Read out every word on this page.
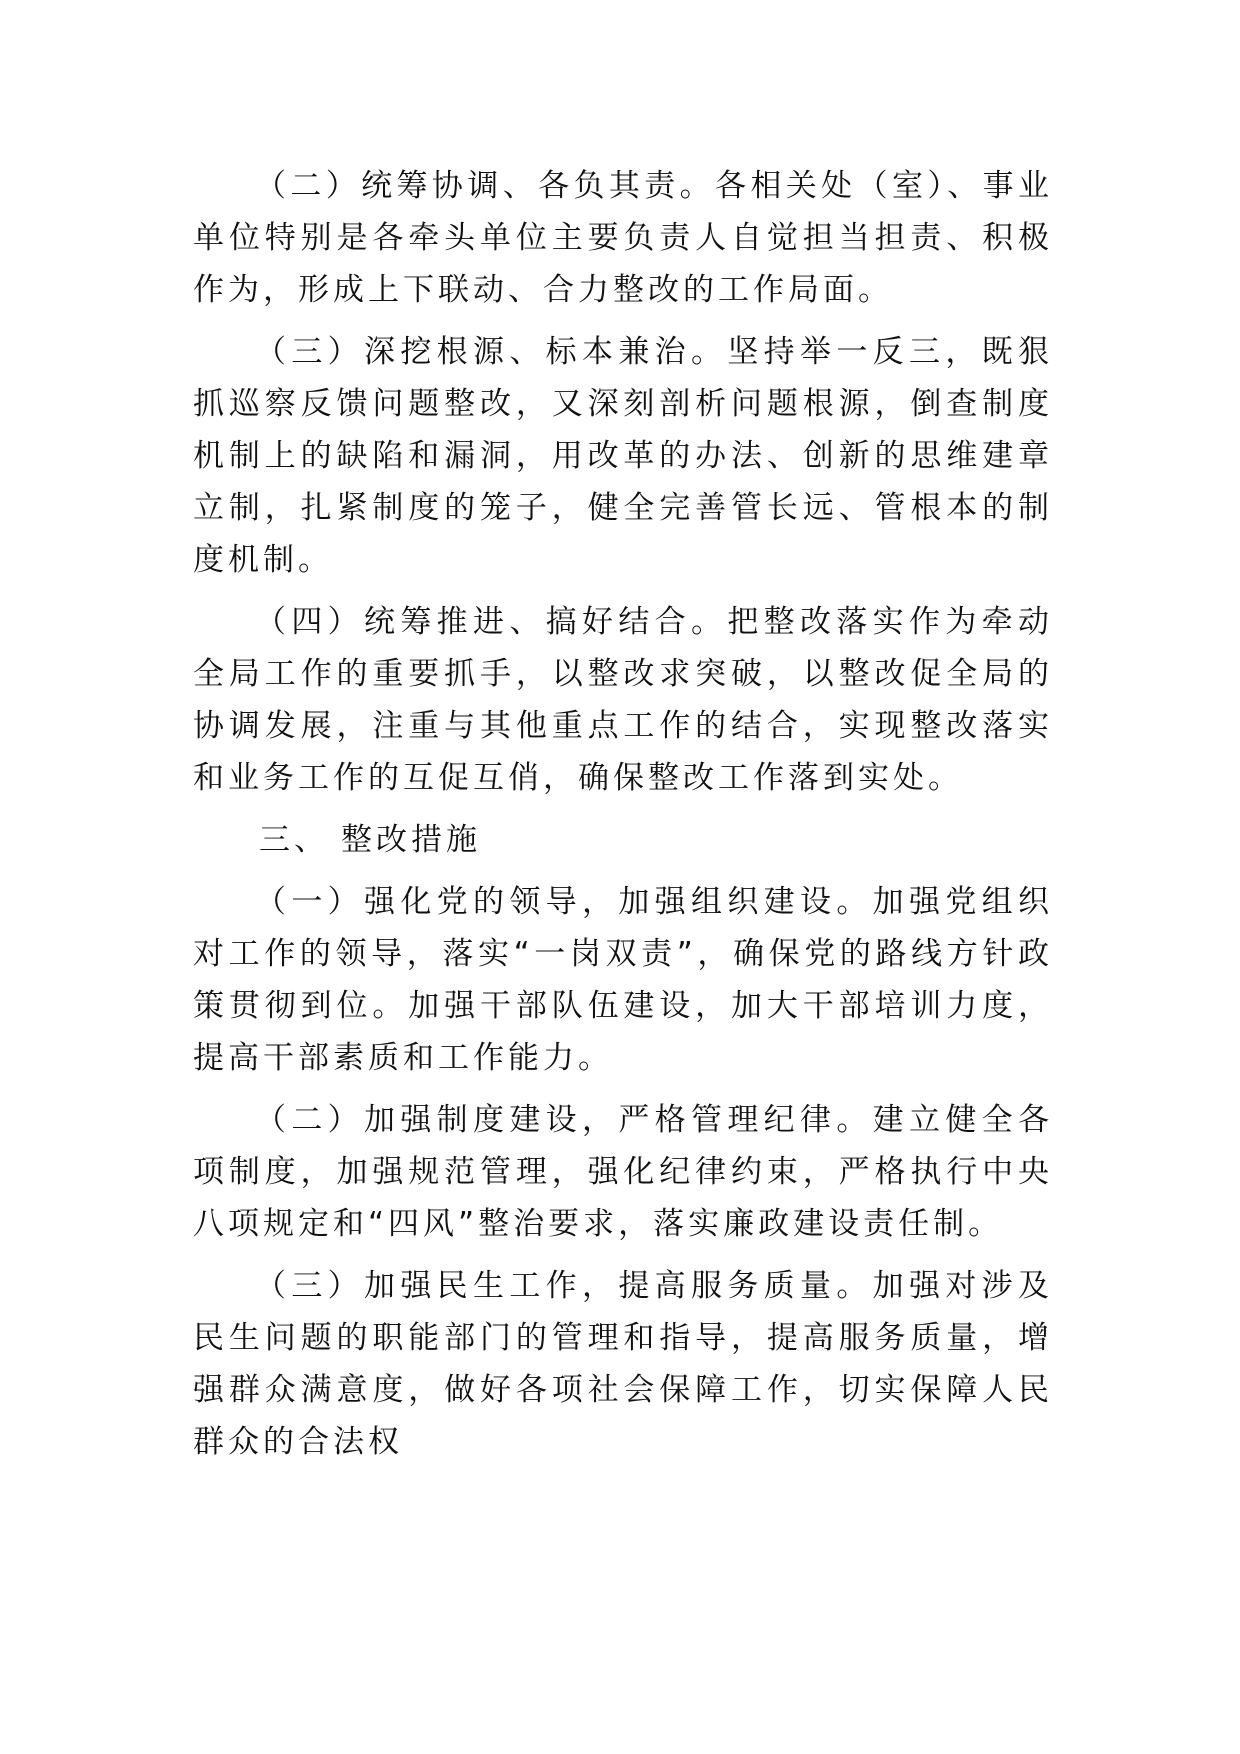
（二）统筹协调、各负其责。各相关处（室）、事业单位特别是各牵头单位主要负责人自觉担当担责、积极作为，形成上下联动、合力整改的工作局面。

（三）深挖根源、标本兼治。坚持举一反三，既狠抓巡察反馈问题整改，又深刻剖析问题根源，倒查制度机制上的缺陷和漏洞，用改革的办法、创新的思维建章立制，扎紧制度的笼子，健全完善管长远、管根本的制度机制。

（四）统筹推进、搞好结合。把整改落实作为牵动全局工作的重要抓手，以整改求突破，以整改促全局的协调发展，注重与其他重点工作的结合，实现整改落实和业务工作的互促互俏，确保整改工作落到实处。

三、 整改措施

（一）强化党的领导，加强组织建设。加强党组织对工作的领导，落实“一岗双责”，确保党的路线方针政策贯彻到位。加强干部队伍建设，加大干部培训力度，提高干部素质和工作能力。

（二）加强制度建设，严格管理纪律。建立健全各项制度，加强规范管理，强化纪律约束，严格执行中央八项规定和“四风”整治要求，落实廉政建设责任制。

（三）加强民生工作，提高服务质量。加强对涉及民生问题的职能部门的管理和指导，提高服务质量，增强群众满意度，做好各项社会保障工作，切实保障人民群众的合法权
